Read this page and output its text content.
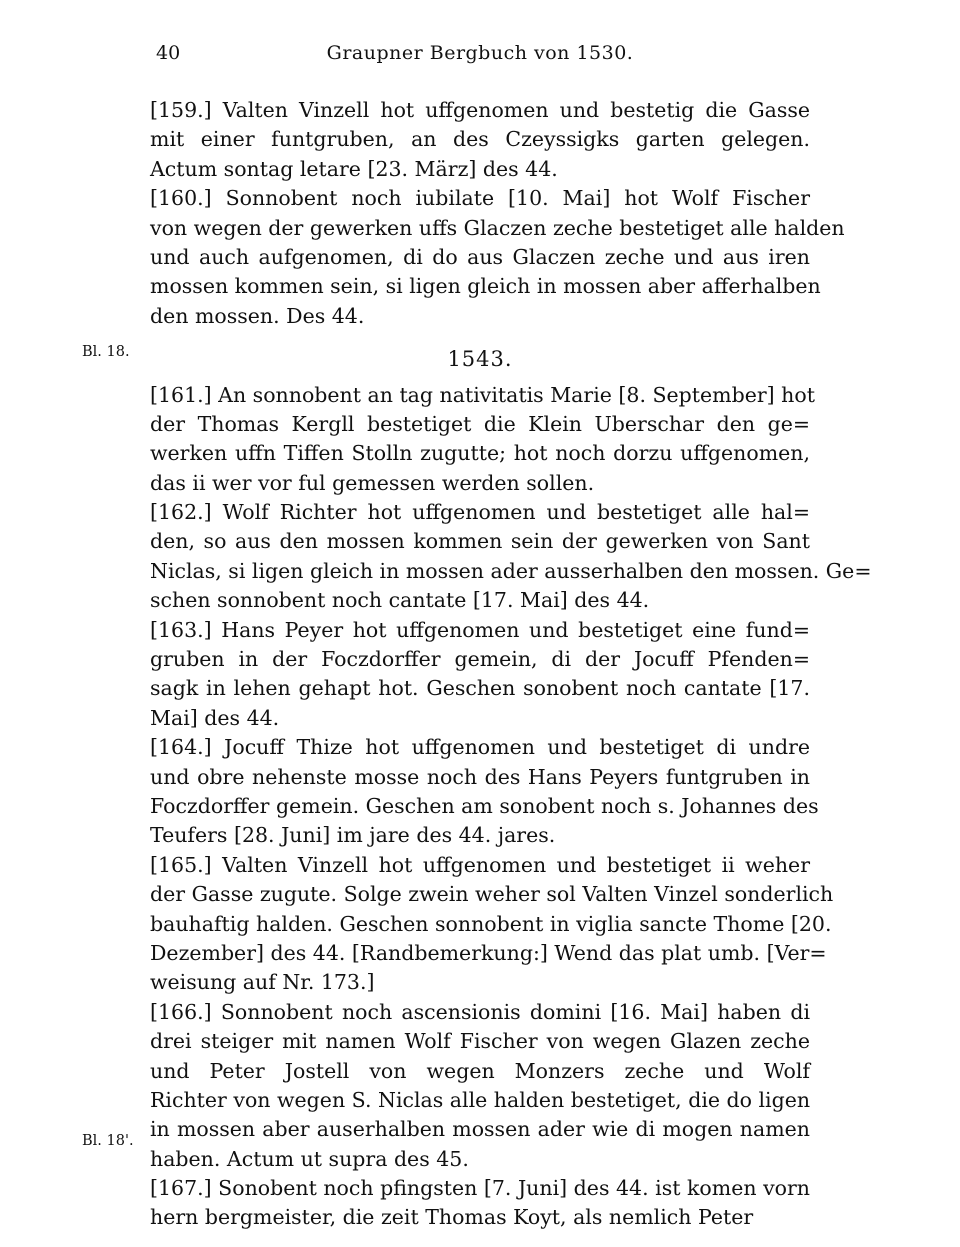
40	Graupner Bergbuch von 1530.
Bl. 18.
Bl. 18'.
[159.] Valten Vinzell hot uffgenomen und bestetig die Gasse
mit einer funtgruben, an des Czeyssigks garten gelegen.
Actum sontag letare [23. März] des 44.
[160.] Sonnobent noch iubilate [10. Mai] hot Wolf Fischer
von wegen der gewerken uffs Glaczen zeche bestetiget alle halden
und auch aufgenomen, di do aus Glaczen zeche und aus iren
mossen kommen sein, si ligen gleich in mossen aber afferhalben
den mossen. Des 44.
1543.
[161.] An sonnobent an tag nativitatis Marie [8. September] hot
der Thomas Kergll bestetiget die Klein Uberschar den ge=
werken uffn Tiffen Stolln zugutte; hot noch dorzu uffgenomen,
das ii wer vor ful gemessen werden sollen.
[162.] Wolf Richter hot uffgenomen und bestetiget alle hal=
den, so aus den mossen kommen sein der gewerken von Sant
Niclas, si ligen gleich in mossen ader ausserhalben den mossen. Ge=
schen sonnobent noch cantate [17. Mai] des 44.
[163.] Hans Peyer hot uffgenomen und bestetiget eine fund=
gruben in der Foczdorffer gemein, di der Jocuff Pfenden=
sagk in lehen gehapt hot. Geschen sonobent noch cantate [17.
Mai] des 44.
[164.] Jocuff Thize hot uffgenomen und bestetiget di undre
und obre nehenste mosse noch des Hans Peyers funtgruben in
Foczdorffer gemein. Geschen am sonobent noch s. Johannes des
Teufers [28. Juni] im jare des 44. jares.
[165.] Valten Vinzell hot uffgenomen und bestetiget ii weher
der Gasse zugute. Solge zwein weher sol Valten Vinzel sonderlich
bauhaftig halden. Geschen sonnobent in viglia sancte Thome [20.
Dezember] des 44. [Randbemerkung:] Wend das plat umb. [Ver=
weisung auf Nr. 173.]
[166.] Sonnobent noch ascensionis domini [16. Mai] haben di
drei steiger mit namen Wolf Fischer von wegen Glazen zeche
und Peter Jostell von wegen Monzers zeche und Wolf
Richter von wegen S. Niclas alle halden bestetiget, die do ligen
in mossen aber auserhalben mossen ader wie di mogen namen
haben. Actum ut supra des 45.
[167.] Sonobent noch pfingsten [7. Juni] des 44. ist komen vorn
hern bergmeister, die zeit Thomas Koyt, als nemlich Peter
